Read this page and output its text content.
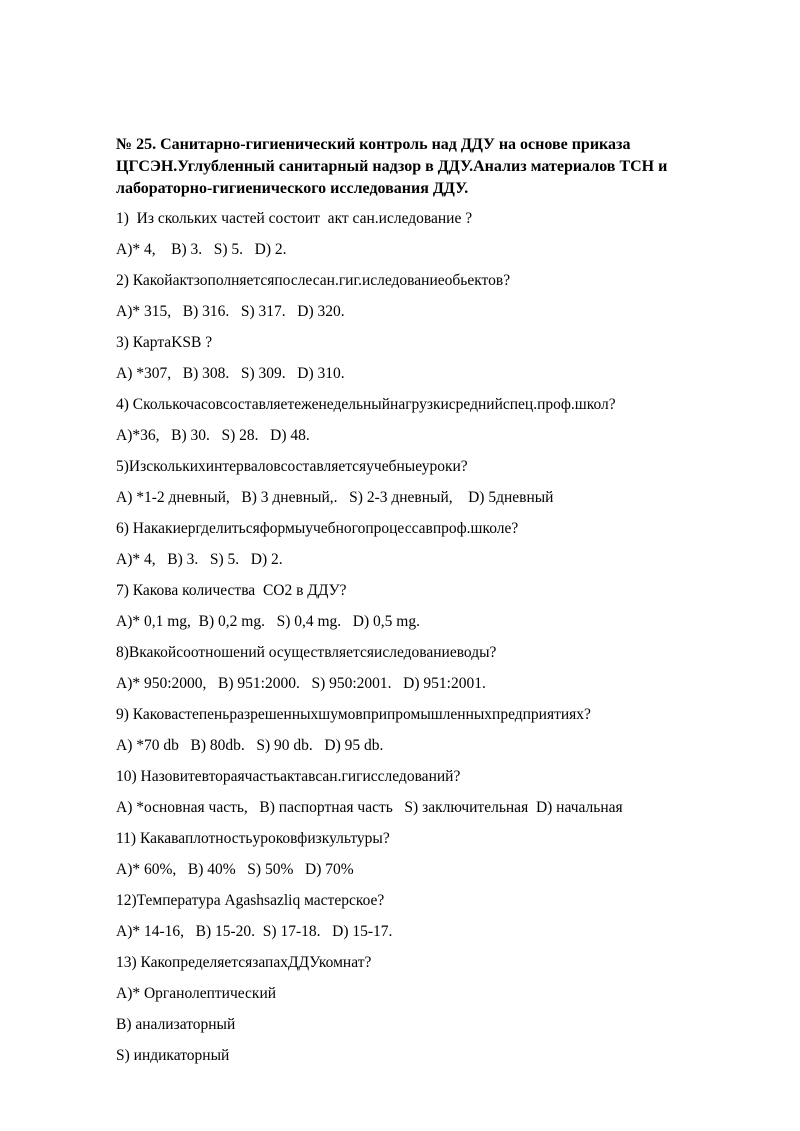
№ 25. Санитарно-гигиенический контроль над ДДУ на основе приказа
ЦГСЭН.Углубленный санитарный надзор в ДДУ.Анализ материалов ТСН и
лабораторно-гигиенического исследования ДДУ.

1)  Из скольких частей состоит  акт сан.иследование ?

A)* 4,    B) 3.   S) 5.   D) 2.

2) Какойактзополняетсяпослесан.гиг.иследованиеобьектов?

A)* 315,   B) 316.   S) 317.   D) 320.

3) КартаKSB ?

A) *307,   B) 308.   S) 309.   D) 310.

4) Сколькочасовсоставляетеженедельныйнагрузкисреднийспец.проф.школ?

A)*36,   B) 30.   S) 28.   D) 48.

5)Изсколькихинтерваловсоставляетсяучебныеуроки?

A) *1-2 дневный,   B) 3 дневный,.   S) 2-3 дневный,    D) 5дневный

6) Накакиергделитьсяформыучебногопроцессавпроф.школе?

A)* 4,   B) 3.   S) 5.   D) 2.

7) Какова количества  CO2 в ДДУ?

A)* 0,1 mg,  B) 0,2 mg.   S) 0,4 mg.   D) 0,5 mg.

8)Вкакойсоотношений осуществляетсяиследованиеводы?

A)* 950:2000,   B) 951:2000.   S) 950:2001.   D) 951:2001.

9) Каковастепеньразрешенныхшумовприпромышленныхпредприятиях?

A) *70 db   B) 80db.   S) 90 db.   D) 95 db.

10) Назовитевтораячастьактавсан.гигисследований?

A) *основная часть,   B) паспортная часть   S) заключительная  D) начальная

11) Какаваплотностьуроковфизкультуры?

A)* 60%,   B) 40%   S) 50%   D) 70%

12)Температура Agashsazliq мастерское?

A)* 14-16,   B) 15-20.  S) 17-18.   D) 15-17.

13) КакопределяетсязапахДДУкомнат?

A)* Органолептический

B) анализаторный

S) индикаторный
